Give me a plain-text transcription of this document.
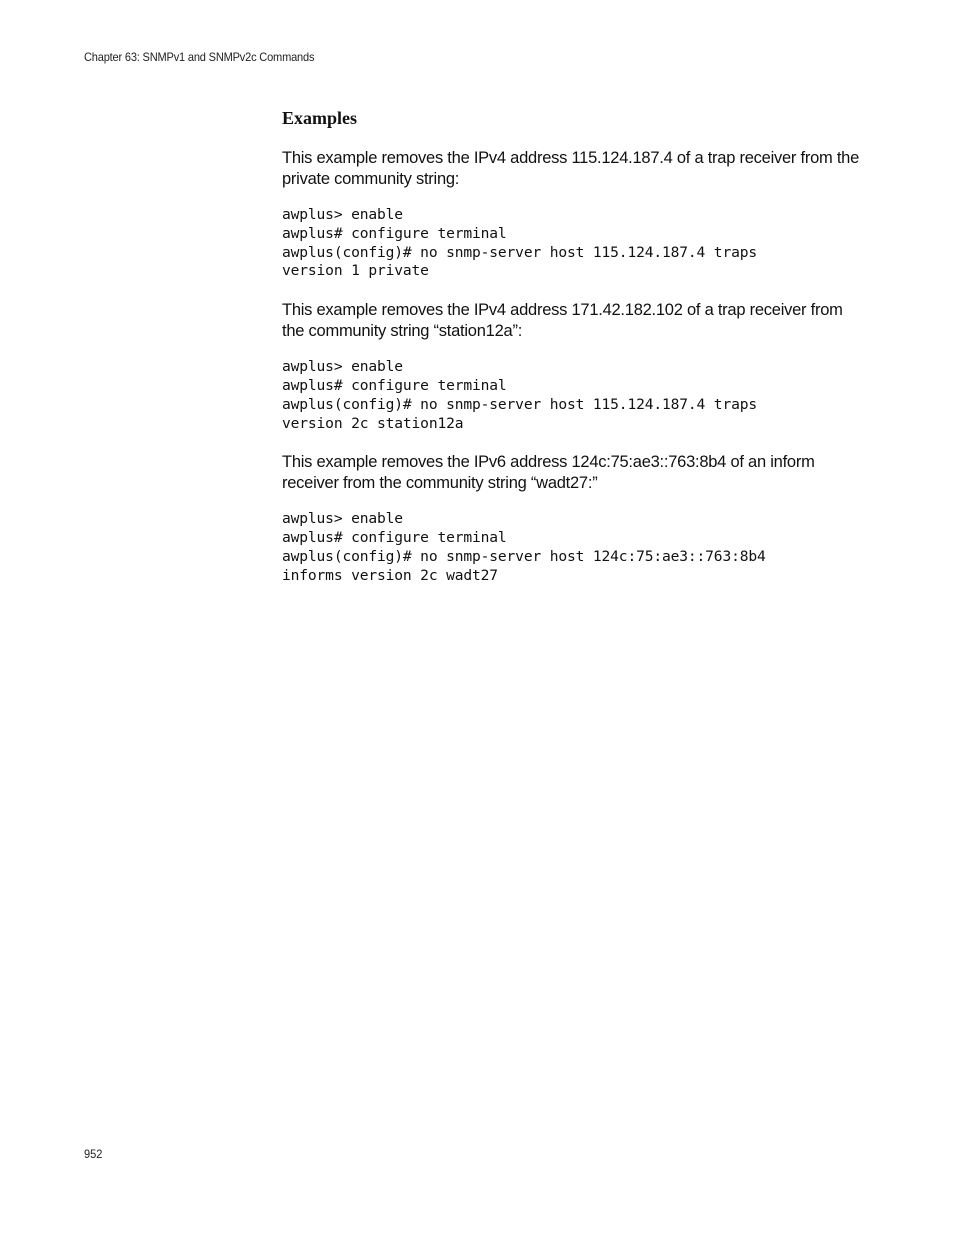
Chapter 63: SNMPv1 and SNMPv2c Commands
Examples

This example removes the IPv4 address 115.124.187.4 of a trap receiver from the private community string:

awplus> enable
awplus# configure terminal
awplus(config)# no snmp-server host 115.124.187.4 traps
version 1 private

This example removes the IPv4 address 171.42.182.102 of a trap receiver from the community string “station12a”:

awplus> enable
awplus# configure terminal
awplus(config)# no snmp-server host 115.124.187.4 traps
version 2c station12a

This example removes the IPv6 address 124c:75:ae3::763:8b4 of an inform receiver from the community string “wadt27:”

awplus> enable
awplus# configure terminal
awplus(config)# no snmp-server host 124c:75:ae3::763:8b4
informs version 2c wadt27
952
